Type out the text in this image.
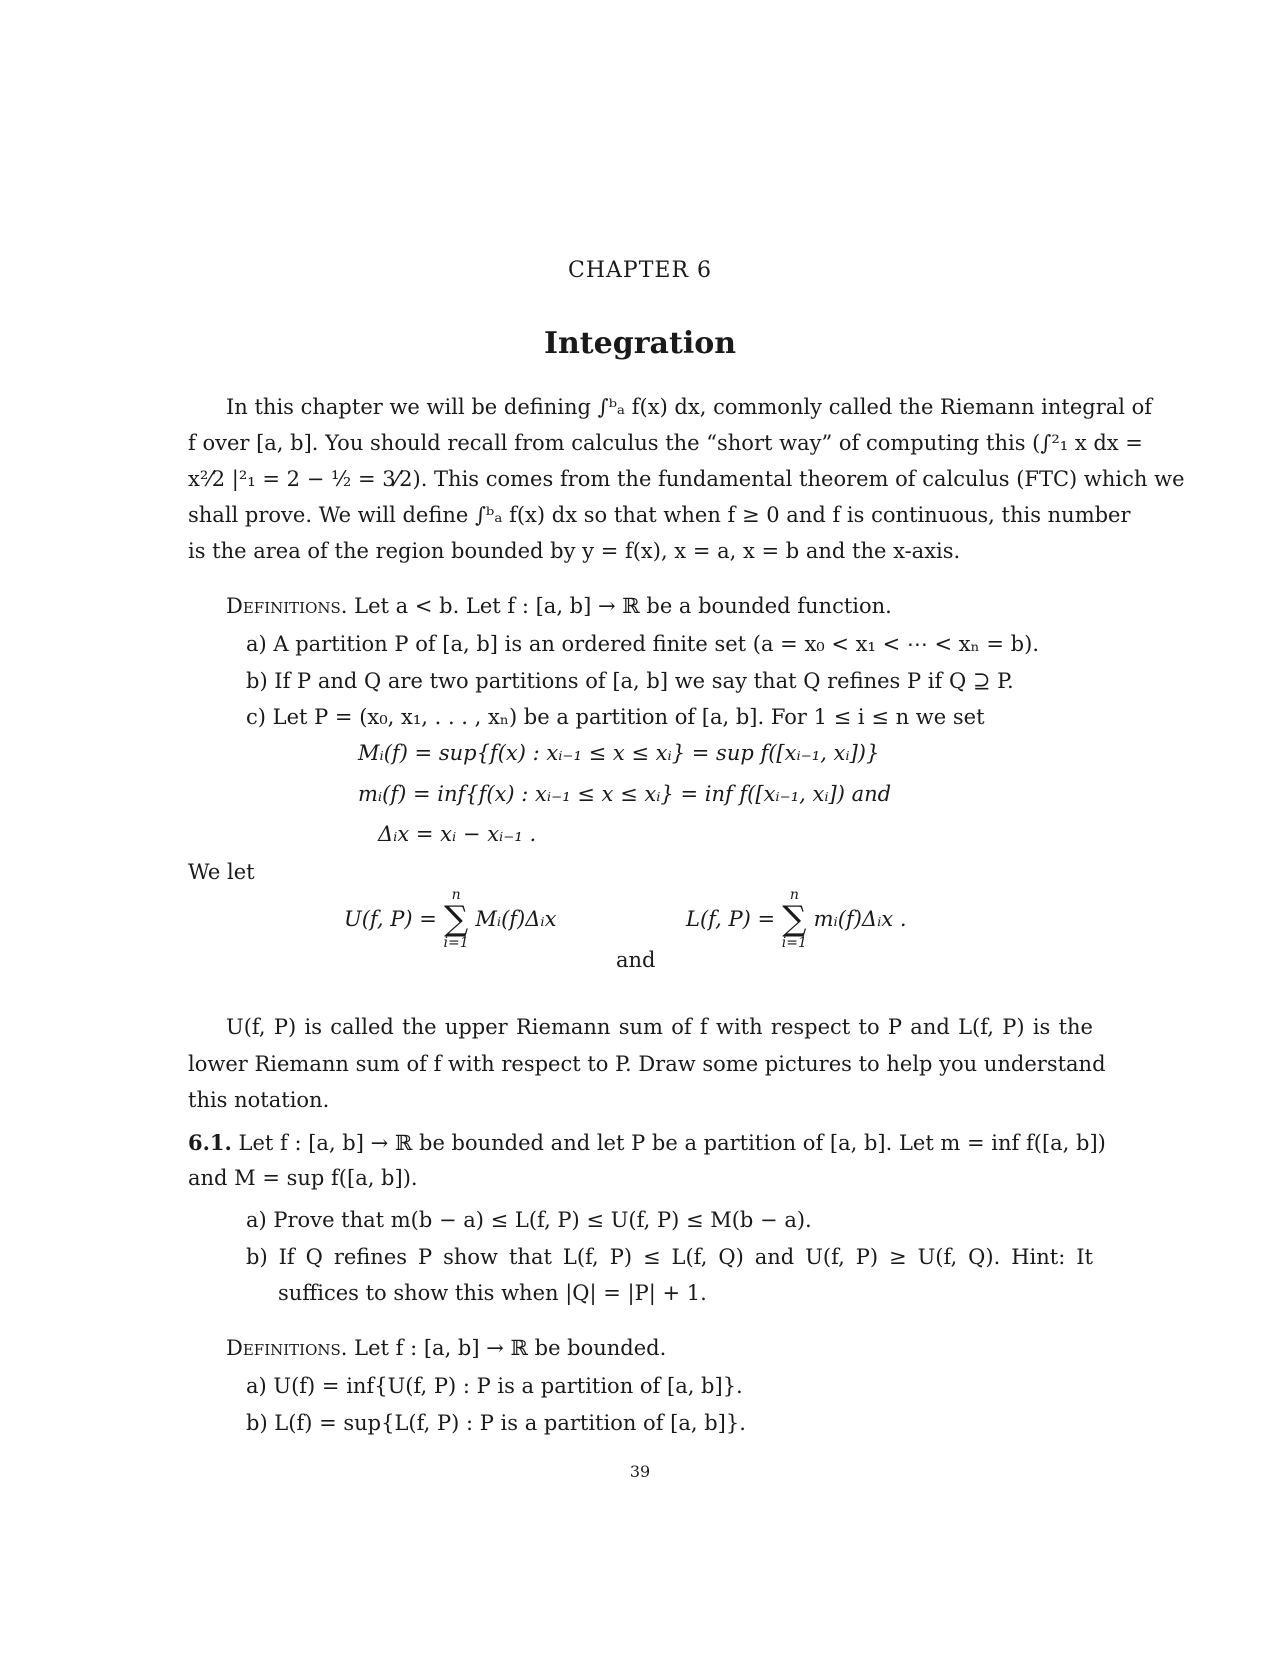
CHAPTER 6
Integration
In this chapter we will be defining ∫ᵇₐ f(x) dx, commonly called the Riemann integral of
f over [a, b]. You should recall from calculus the “short way” of computing this (∫²₁ x dx =
x²⁄2 |²₁ = 2 − ½ = 3⁄2). This comes from the fundamental theorem of calculus (FTC) which we
shall prove. We will define ∫ᵇₐ f(x) dx so that when f ≥ 0 and f is continuous, this number
is the area of the region bounded by y = f(x), x = a, x = b and the x-axis.
Definitions. Let a < b. Let f : [a, b] → ℝ be a bounded function.
a) A partition P of [a, b] is an ordered finite set (a = x₀ < x₁ < ⋯ < xₙ = b).
b) If P and Q are two partitions of [a, b] we say that Q refines P if Q ⊇ P.
c) Let P = (x₀, x₁, . . . , xₙ) be a partition of [a, b]. For 1 ≤ i ≤ n we set
Mᵢ(f) = sup{f(x) : xᵢ₋₁ ≤ x ≤ xᵢ} = sup f([xᵢ₋₁, xᵢ])}
mᵢ(f) = inf{f(x) : xᵢ₋₁ ≤ x ≤ xᵢ} = inf f([xᵢ₋₁, xᵢ]) and
Δᵢx = xᵢ − xᵢ₋₁ .
We let
U(f, P) =
n
∑
i=1
Mᵢ(f)Δᵢx
and
L(f, P) =
n
∑
i=1
mᵢ(f)Δᵢx .
U(f, P) is called the upper Riemann sum of f with respect to P and L(f, P) is the
lower Riemann sum of f with respect to P. Draw some pictures to help you understand
this notation.
6.1. Let f : [a, b] → ℝ be bounded and let P be a partition of [a, b]. Let m = inf f([a, b])
and M = sup f([a, b]).
a) Prove that m(b − a) ≤ L(f, P) ≤ U(f, P) ≤ M(b − a).
b) If Q refines P show that L(f, P) ≤ L(f, Q) and U(f, P) ≥ U(f, Q). Hint: It
suffices to show this when |Q| = |P| + 1.
Definitions. Let f : [a, b] → ℝ be bounded.
a) U(f) = inf{U(f, P) : P is a partition of [a, b]}.
b) L(f) = sup{L(f, P) : P is a partition of [a, b]}.
39
